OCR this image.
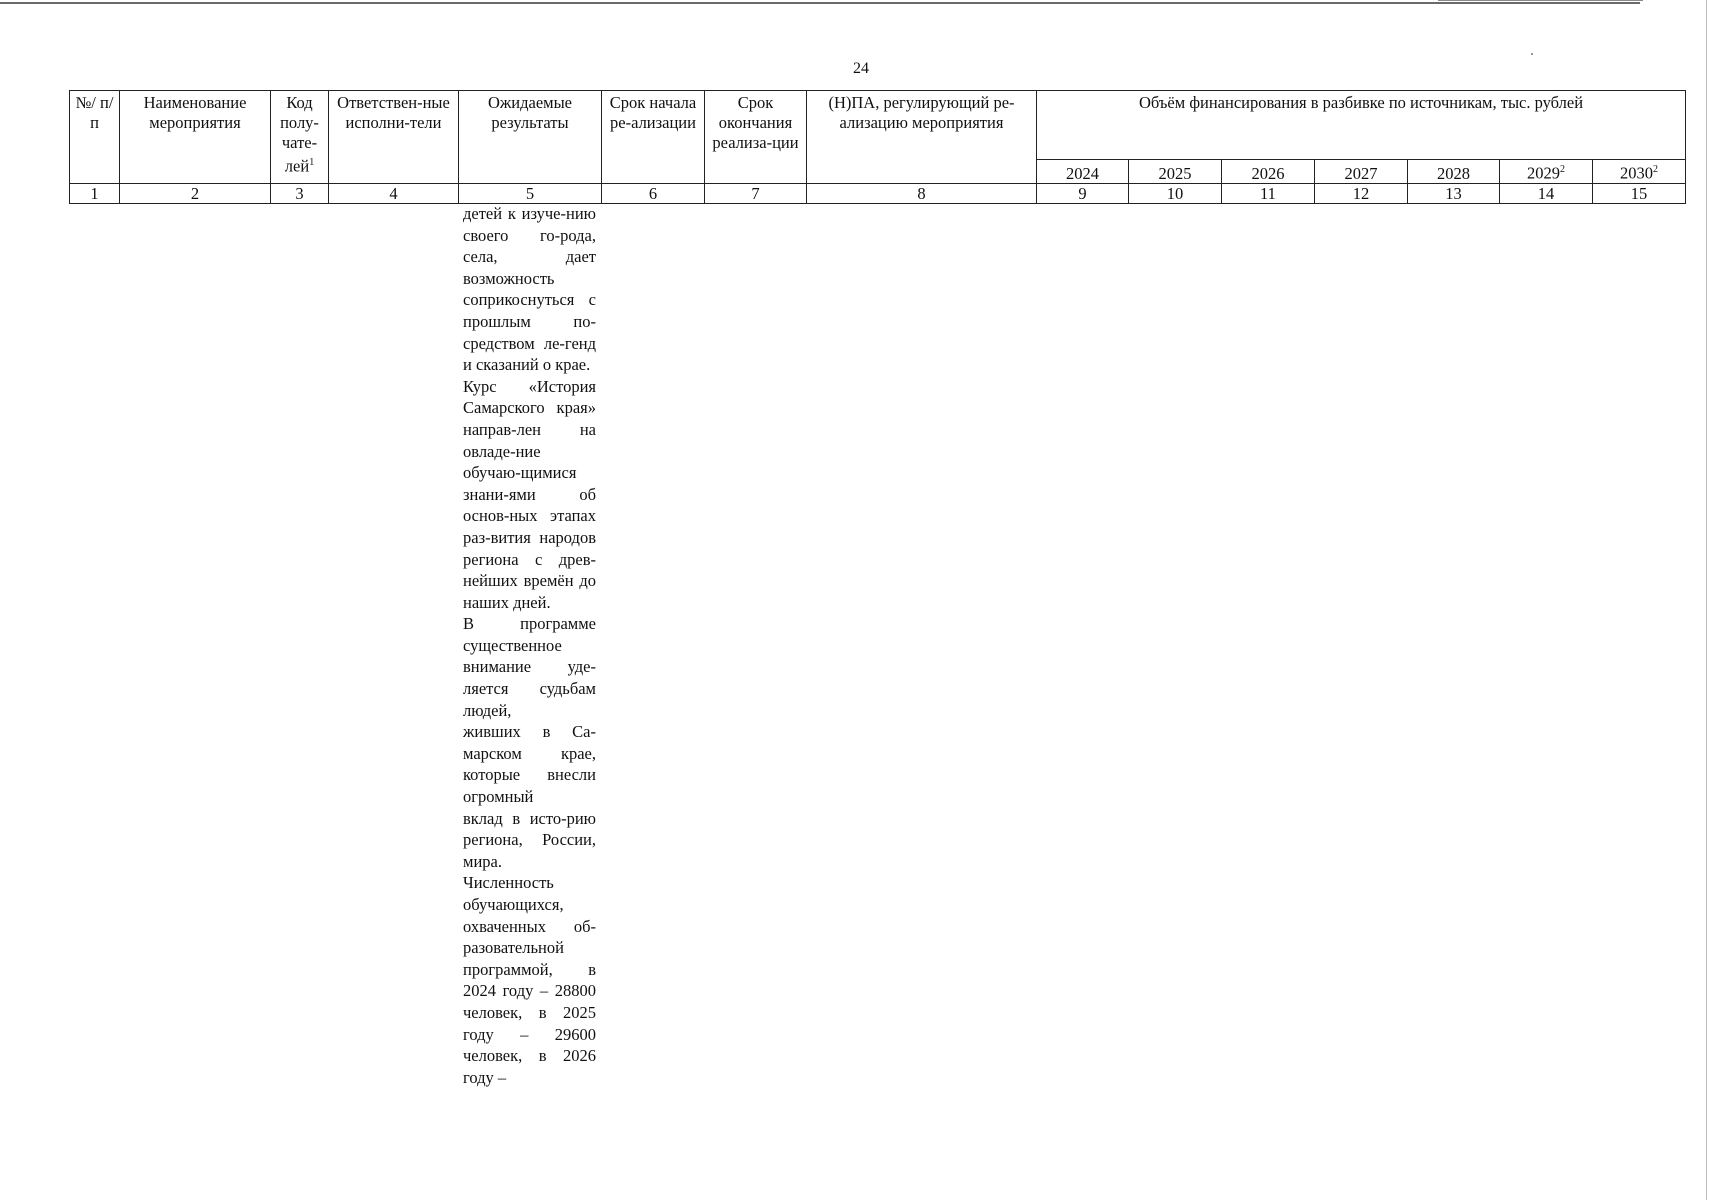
24
№/ п/п	Наименование мероприятия	Код полу-чате-лей$^1$	Ответствен-ные исполни-тели	Ожидаемые результаты	Срок начала ре-ализации	Срок окончания реализа-ции	(Н)ПА, регулирующий ре-ализацию мероприятия	Объём финансирования в разбивке по источникам, тыс. рублей						
								2024	2025	2026	2027	2028	2029$^2$	2030$^2$
1	2	3	4	5	6	7	8	9	10	11	12	13	14	15

детей к изуче-нию своего го-рода, села, дает возможность соприкоснуться с прошлым по-средством ле-генд и сказаний о крае.

Курс «История Самарского края» направ-лен на овладе-ние обучаю-щимися знани-ями об основ-ных этапах раз-вития народов региона с древ-нейших времён до наших дней.

В программе существенное внимание уде-ляется судьбам людей,

живших в Са-марском крае, которые внесли огромный

вклад в исто-рию региона, России, мира.

Численность обучающихся, охваченных об-разовательной программой, в 2024 году – 28800 человек, в 2025 году – 29600 человек, в 2026 году –
